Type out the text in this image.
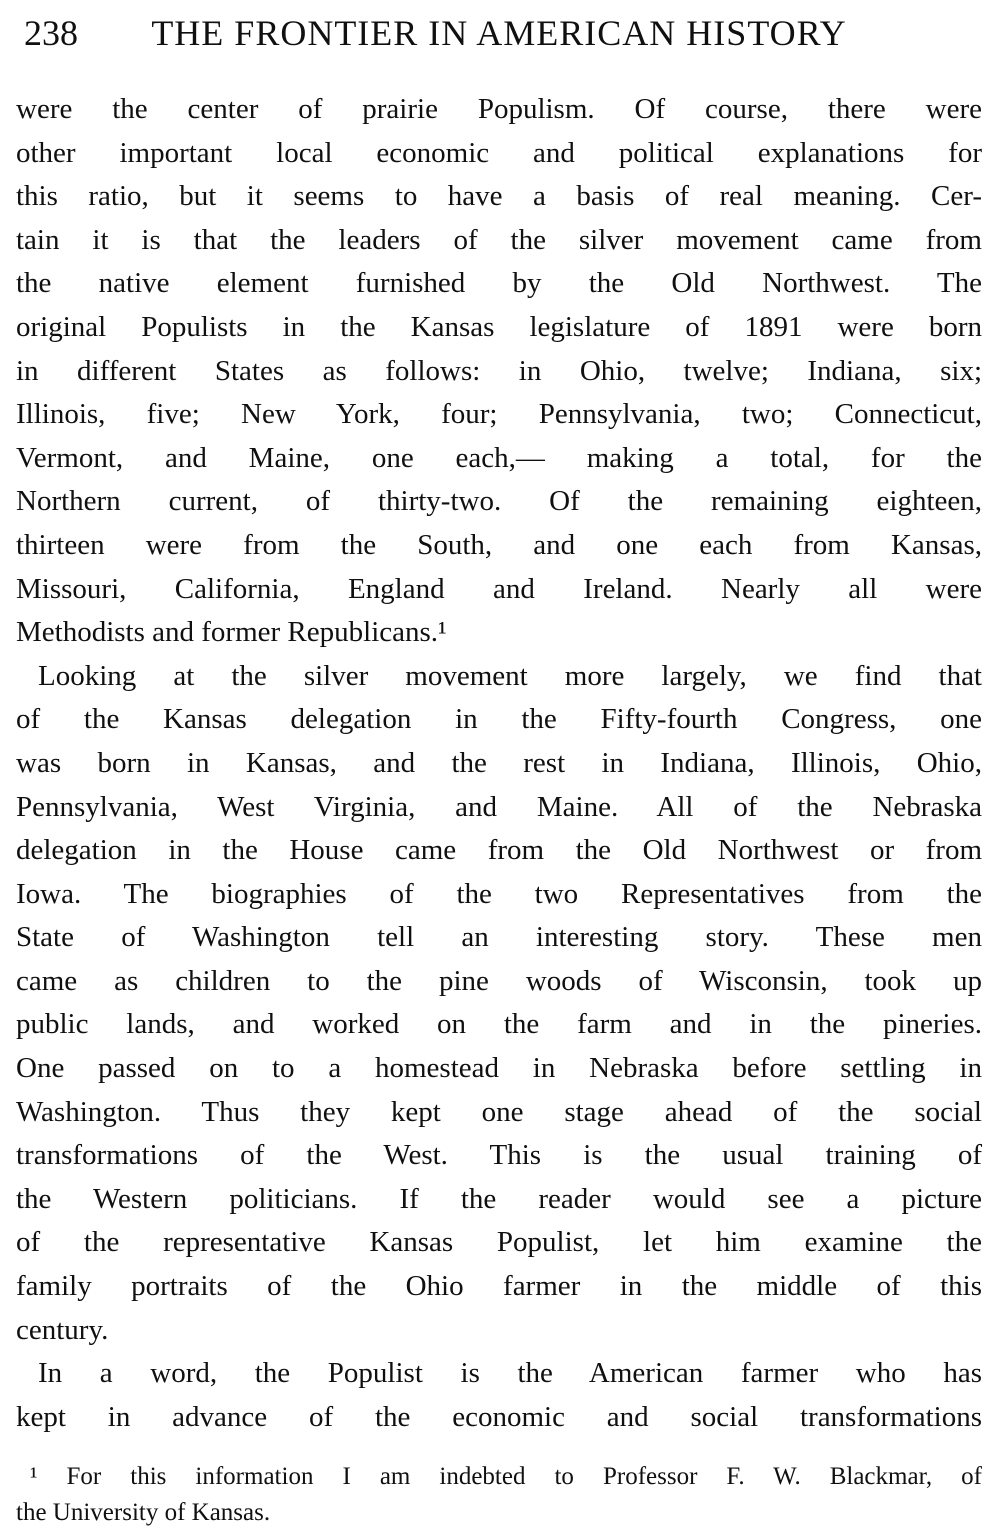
238	THE FRONTIER IN AMERICAN HISTORY
were the center of prairie Populism. Of course, there were
other important local economic and political explanations for
this ratio, but it seems to have a basis of real meaning. Cer-
tain it is that the leaders of the silver movement came from
the native element furnished by the Old Northwest. The
original Populists in the Kansas legislature of 1891 were born
in different States as follows: in Ohio, twelve; Indiana, six;
Illinois, five; New York, four; Pennsylvania, two; Connecticut,
Vermont, and Maine, one each,— making a total, for the
Northern current, of thirty-two. Of the remaining eighteen,
thirteen were from the South, and one each from Kansas,
Missouri, California, England and Ireland. Nearly all were
Methodists and former Republicans.¹
Looking at the silver movement more largely, we find that
of the Kansas delegation in the Fifty-fourth Congress, one
was born in Kansas, and the rest in Indiana, Illinois, Ohio,
Pennsylvania, West Virginia, and Maine. All of the Nebraska
delegation in the House came from the Old Northwest or from
Iowa. The biographies of the two Representatives from the
State of Washington tell an interesting story. These men
came as children to the pine woods of Wisconsin, took up
public lands, and worked on the farm and in the pineries.
One passed on to a homestead in Nebraska before settling in
Washington. Thus they kept one stage ahead of the social
transformations of the West. This is the usual training of
the Western politicians. If the reader would see a picture
of the representative Kansas Populist, let him examine the
family portraits of the Ohio farmer in the middle of this
century.
In a word, the Populist is the American farmer who has
kept in advance of the economic and social transformations
¹ For this information I am indebted to Professor F. W. Blackmar, of
the University of Kansas.
